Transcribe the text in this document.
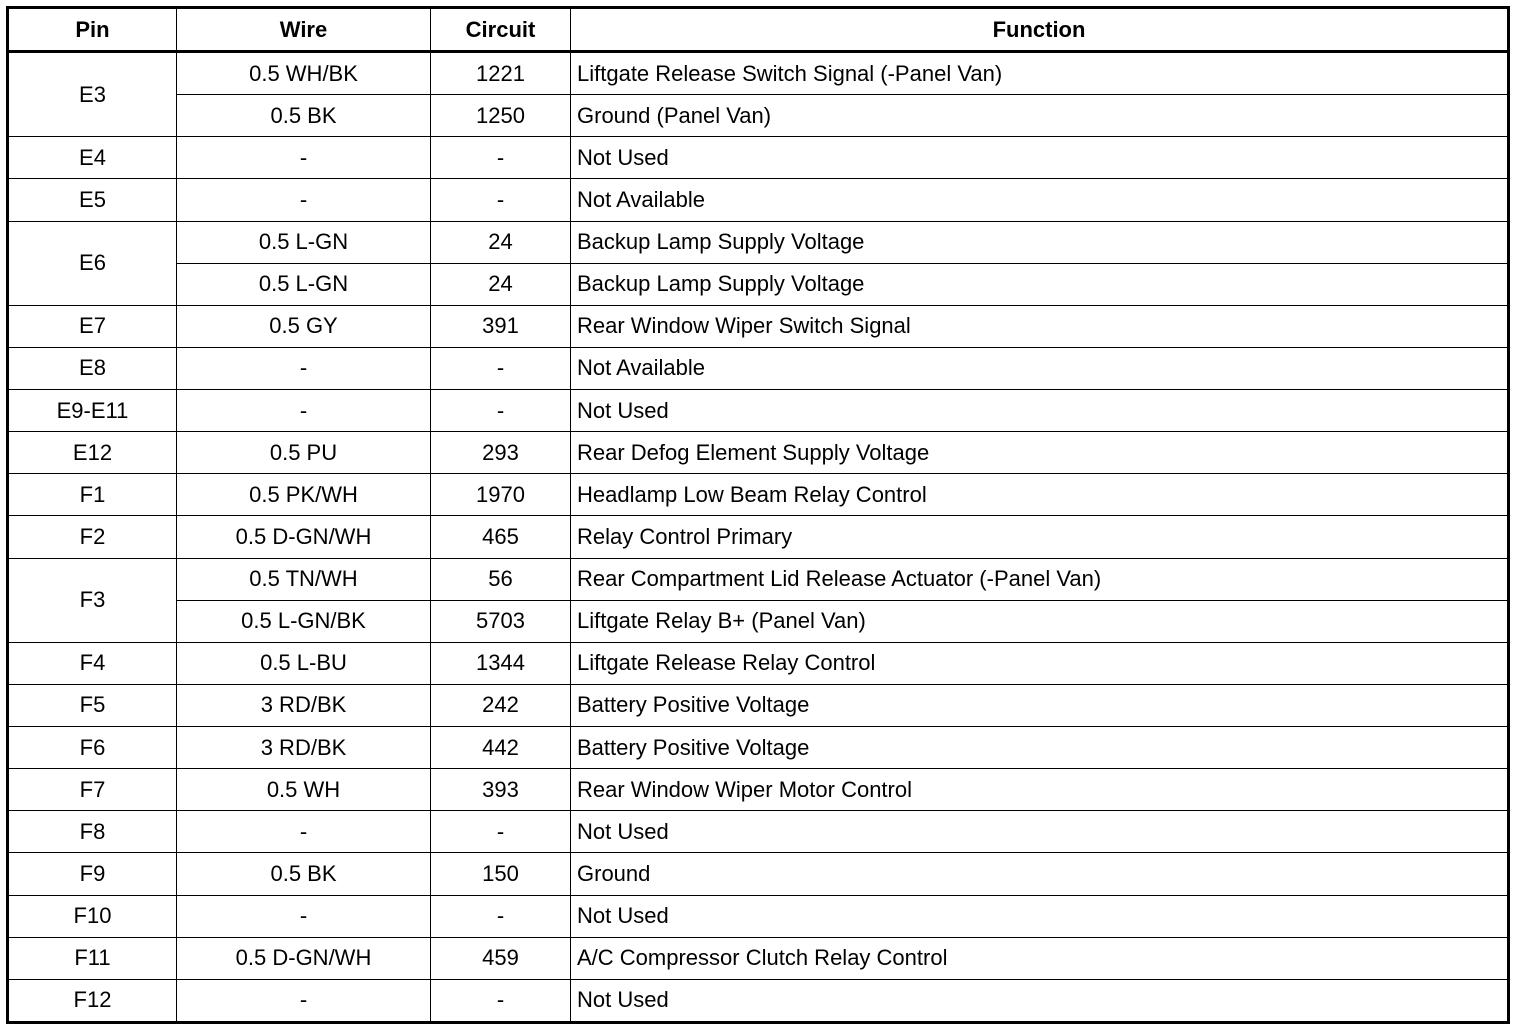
Pin	Wire	Circuit	Function
E3	0.5 WH/BK	1221	Liftgate Release Switch Signal (-Panel Van)
	0.5 BK	1250	Ground (Panel Van)
E4	-	-	Not Used
E5	-	-	Not Available
E6	0.5 L-GN	24	Backup Lamp Supply Voltage
	0.5 L-GN	24	Backup Lamp Supply Voltage
E7	0.5 GY	391	Rear Window Wiper Switch Signal
E8	-	-	Not Available
E9-E11	-	-	Not Used
E12	0.5 PU	293	Rear Defog Element Supply Voltage
F1	0.5 PK/WH	1970	Headlamp Low Beam Relay Control
F2	0.5 D-GN/WH	465	Relay Control Primary
F3	0.5 TN/WH	56	Rear Compartment Lid Release Actuator (-Panel Van)
	0.5 L-GN/BK	5703	Liftgate Relay B+ (Panel Van)
F4	0.5 L-BU	1344	Liftgate Release Relay Control
F5	3 RD/BK	242	Battery Positive Voltage
F6	3 RD/BK	442	Battery Positive Voltage
F7	0.5 WH	393	Rear Window Wiper Motor Control
F8	-	-	Not Used
F9	0.5 BK	150	Ground
F10	-	-	Not Used
F11	0.5 D-GN/WH	459	A/C Compressor Clutch Relay Control
F12	-	-	Not Used
